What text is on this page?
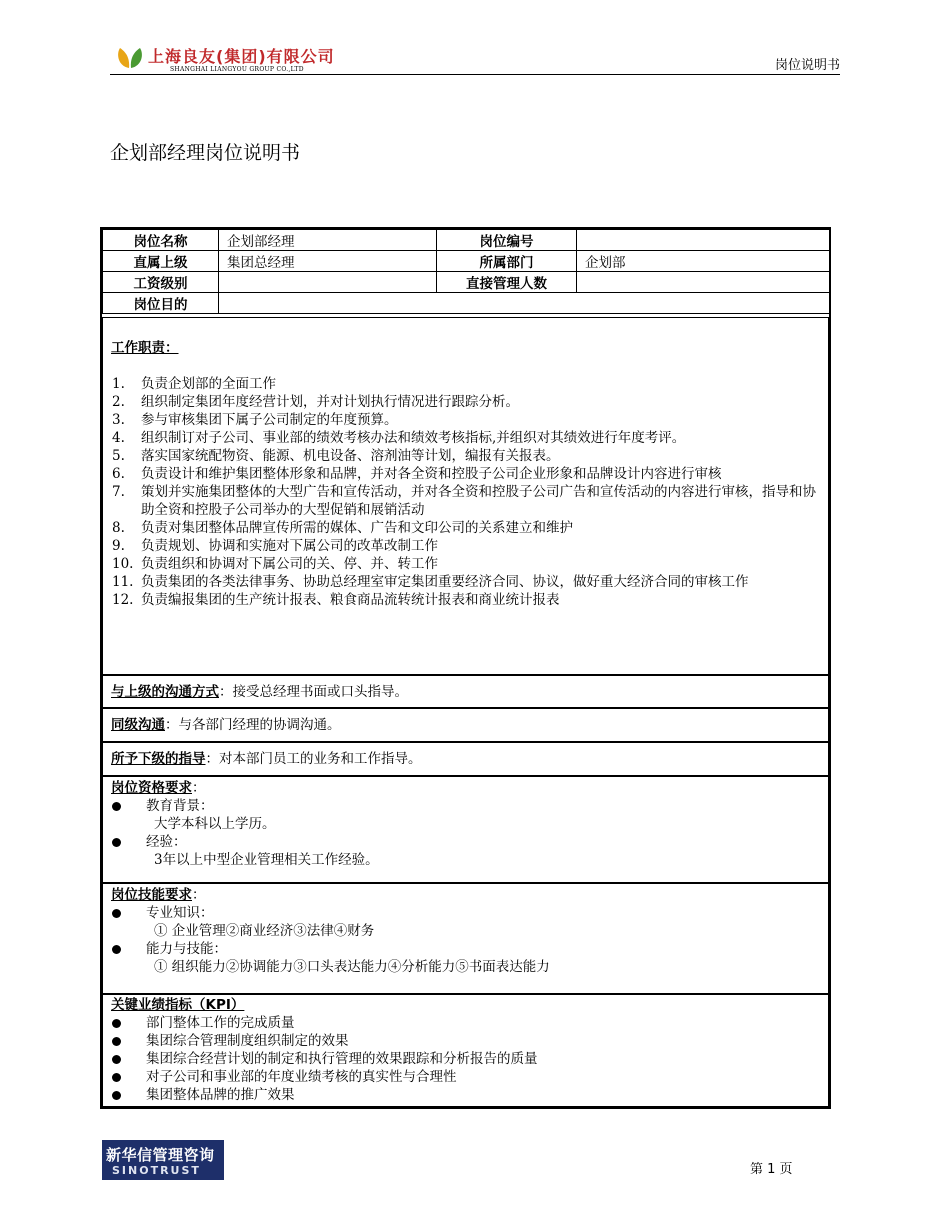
上海良友(集团)有限公司
SHANGHAI LIANGYOU GROUP CO.,LTD	岗位说明书
企划部经理岗位说明书
岗位名称	企划部经理	岗位编号	
直属上级	集团总经理	所属部门	企划部
工资级别		直接管理人数	
岗位目的			
工作职责：
1.	负责企划部的全面工作
2.	组织制定集团年度经营计划，并对计划执行情况进行跟踪分析。
3.	参与审核集团下属子公司制定的年度预算。
4.	组织制订对子公司、事业部的绩效考核办法和绩效考核指标,并组织对其绩效进行年度考评。
5.	落实国家统配物资、能源、机电设备、溶剂油等计划，编报有关报表。
6.	负责设计和维护集团整体形象和品牌，并对各全资和控股子公司企业形象和品牌设计内容进行审核
7.	策划并实施集团整体的大型广告和宣传活动，并对各全资和控股子公司广告和宣传活动的内容进行审核，指导和协助全资和控股子公司举办的大型促销和展销活动
8.	负责对集团整体品牌宣传所需的媒体、广告和文印公司的关系建立和维护
9.	负责规划、协调和实施对下属公司的改革改制工作
10. 负责组织和协调对下属公司的关、停、并、转工作
11. 负责集团的各类法律事务、协助总经理室审定集团重要经济合同、协议，做好重大经济合同的审核工作
12. 负责编报集团的生产统计报表、粮食商品流转统计报表和商业统计报表
与上级的沟通方式：接受总经理书面或口头指导。
同级沟通：与各部门经理的协调沟通。
所予下级的指导：对本部门员工的业务和工作指导。
岗位资格要求：
教育背景：
大学本科以上学历。
经验：
3年以上中型企业管理相关工作经验。
岗位技能要求：
专业知识：
① 企业管理②商业经济③法律④财务
能力与技能：
① 组织能力②协调能力③口头表达能力④分析能力⑤书面表达能力
关键业绩指标（KPI）
部门整体工作的完成质量
集团综合管理制度组织制定的效果
集团综合经营计划的制定和执行管理的效果跟踪和分析报告的质量
对子公司和事业部的年度业绩考核的真实性与合理性
集团整体品牌的推广效果
新华信管理咨询
SINOTRUST	第 1 页
